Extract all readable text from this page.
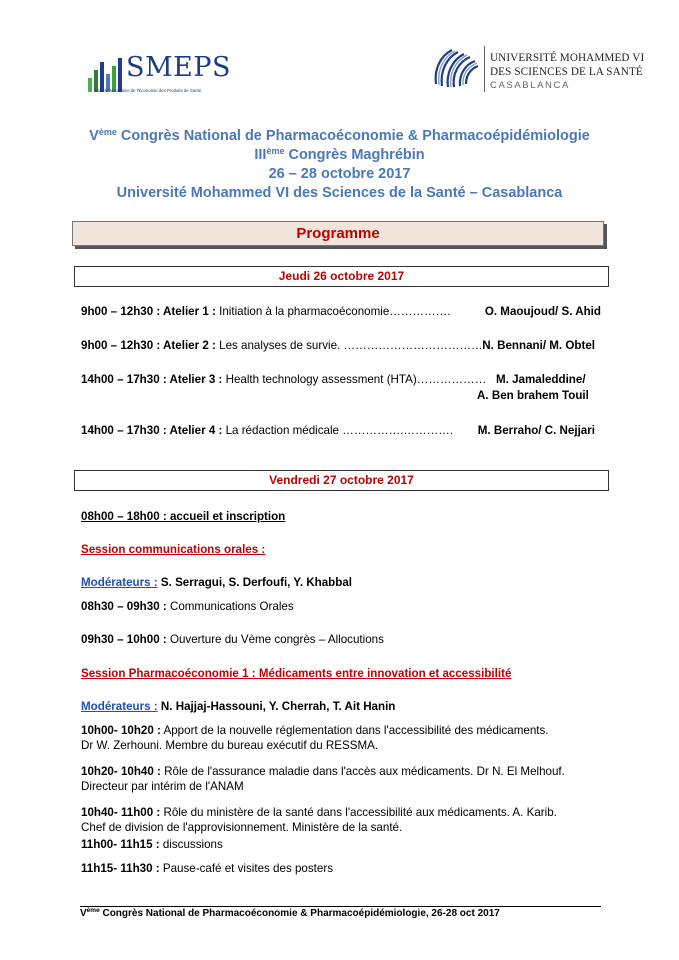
SMEPS
Société Marocaine de l'Economie des Produits de Santé
UNIVERSITÉ MOHAMMED VI
DES SCIENCES DE LA SANTÉ
CASABLANCA
Vème Congrès National de Pharmacoéconomie & Pharmacoépidémiologie
IIIème Congrès Maghrébin
26 – 28 octobre 2017
Université Mohammed VI des Sciences de la Santé – Casablanca
Programme
Jeudi 26 octobre 2017
9h00 – 12h30 : Atelier 1 : Initiation à la pharmacoéconomie…………….	O. Maoujoud/ S. Ahid
9h00 – 12h30 : Atelier 2 : Les analyses de survie. ……………………………… N. Bennani/ M. Obtel
14h00 – 17h30 : Atelier 3 : Health technology assessment (HTA)……………… M. Jamaleddine/
A. Ben brahem Touil
14h00 – 17h30 : Atelier 4 : La rédaction médicale …………….…………. M. Berraho/ C. Nejjari
Vendredi 27 octobre 2017
08h00 – 18h00 : accueil et inscription
Session communications orales :
Modérateurs : S. Serragui, S. Derfoufi, Y. Khabbal
08h30 – 09h30 : Communications Orales
09h30 – 10h00 : Ouverture du Vème congrès – Allocutions
Session Pharmacoéconomie 1 : Médicaments entre innovation et accessibilité
Modérateurs : N. Hajjaj-Hassouni, Y. Cherrah, T. Ait Hanin
10h00- 10h20 : Apport de la nouvelle réglementation dans l'accessibilité des médicaments.
Dr W. Zerhouni. Membre du bureau exécutif du RESSMA.
10h20- 10h40 : Rôle de l'assurance maladie dans l'accès aux médicaments. Dr N. El Melhouf.
Directeur par intérim de l'ANAM
10h40- 11h00 : Rôle du ministère de la santé dans l'accessibilité aux médicaments. A. Karib.
Chef de division de l'approvisionnement. Ministère de la santé.
11h00- 11h15 : discussions
11h15- 11h30 : Pause-café et visites des posters
Vème Congrès National de Pharmacoéconomie & Pharmacoépidémiologie, 26-28 oct 2017
